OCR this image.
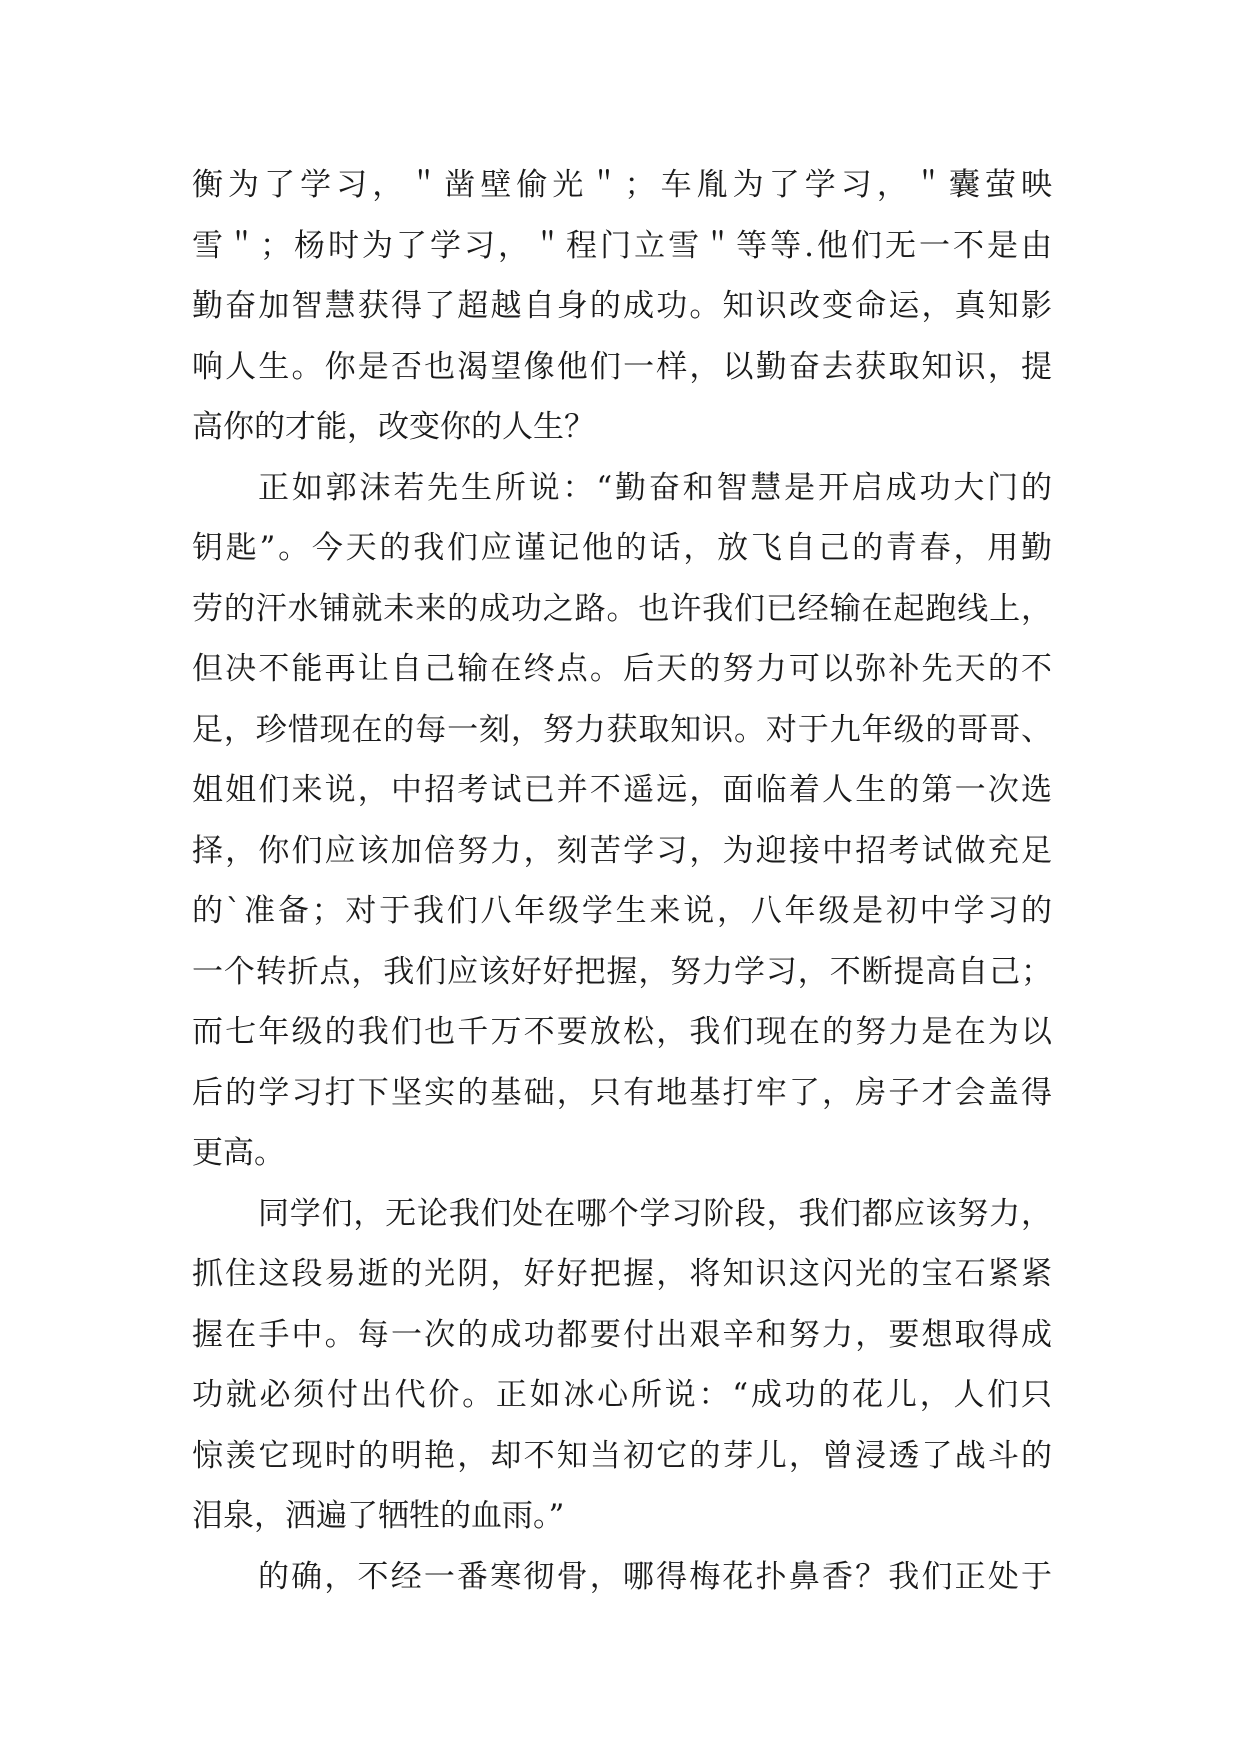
衡为了学习，＂凿壁偷光＂；车胤为了学习，＂囊萤映
雪＂；杨时为了学习，＂程门立雪＂等等.他们无一不是由
勤奋加智慧获得了超越自身的成功。知识改变命运，真知影
响人生。你是否也渴望像他们一样，以勤奋去获取知识，提
高你的才能，改变你的人生？
正如郭沫若先生所说：“勤奋和智慧是开启成功大门的
钥匙”。今天的我们应谨记他的话，放飞自己的青春，用勤
劳的汗水铺就未来的成功之路。也许我们已经输在起跑线上，
但决不能再让自己输在终点。后天的努力可以弥补先天的不
足，珍惜现在的每一刻，努力获取知识。对于九年级的哥哥、
姐姐们来说，中招考试已并不遥远，面临着人生的第一次选
择，你们应该加倍努力，刻苦学习，为迎接中招考试做充足
的`准备；对于我们八年级学生来说，八年级是初中学习的
一个转折点，我们应该好好把握，努力学习，不断提高自己；
而七年级的我们也千万不要放松，我们现在的努力是在为以
后的学习打下坚实的基础，只有地基打牢了，房子才会盖得
更高。
同学们，无论我们处在哪个学习阶段，我们都应该努力，
抓住这段易逝的光阴，好好把握，将知识这闪光的宝石紧紧
握在手中。每一次的成功都要付出艰辛和努力，要想取得成
功就必须付出代价。正如冰心所说：“成功的花儿，人们只
惊羡它现时的明艳，却不知当初它的芽儿，曾浸透了战斗的
泪泉，洒遍了牺牲的血雨。”
的确，不经一番寒彻骨，哪得梅花扑鼻香？我们正处于
